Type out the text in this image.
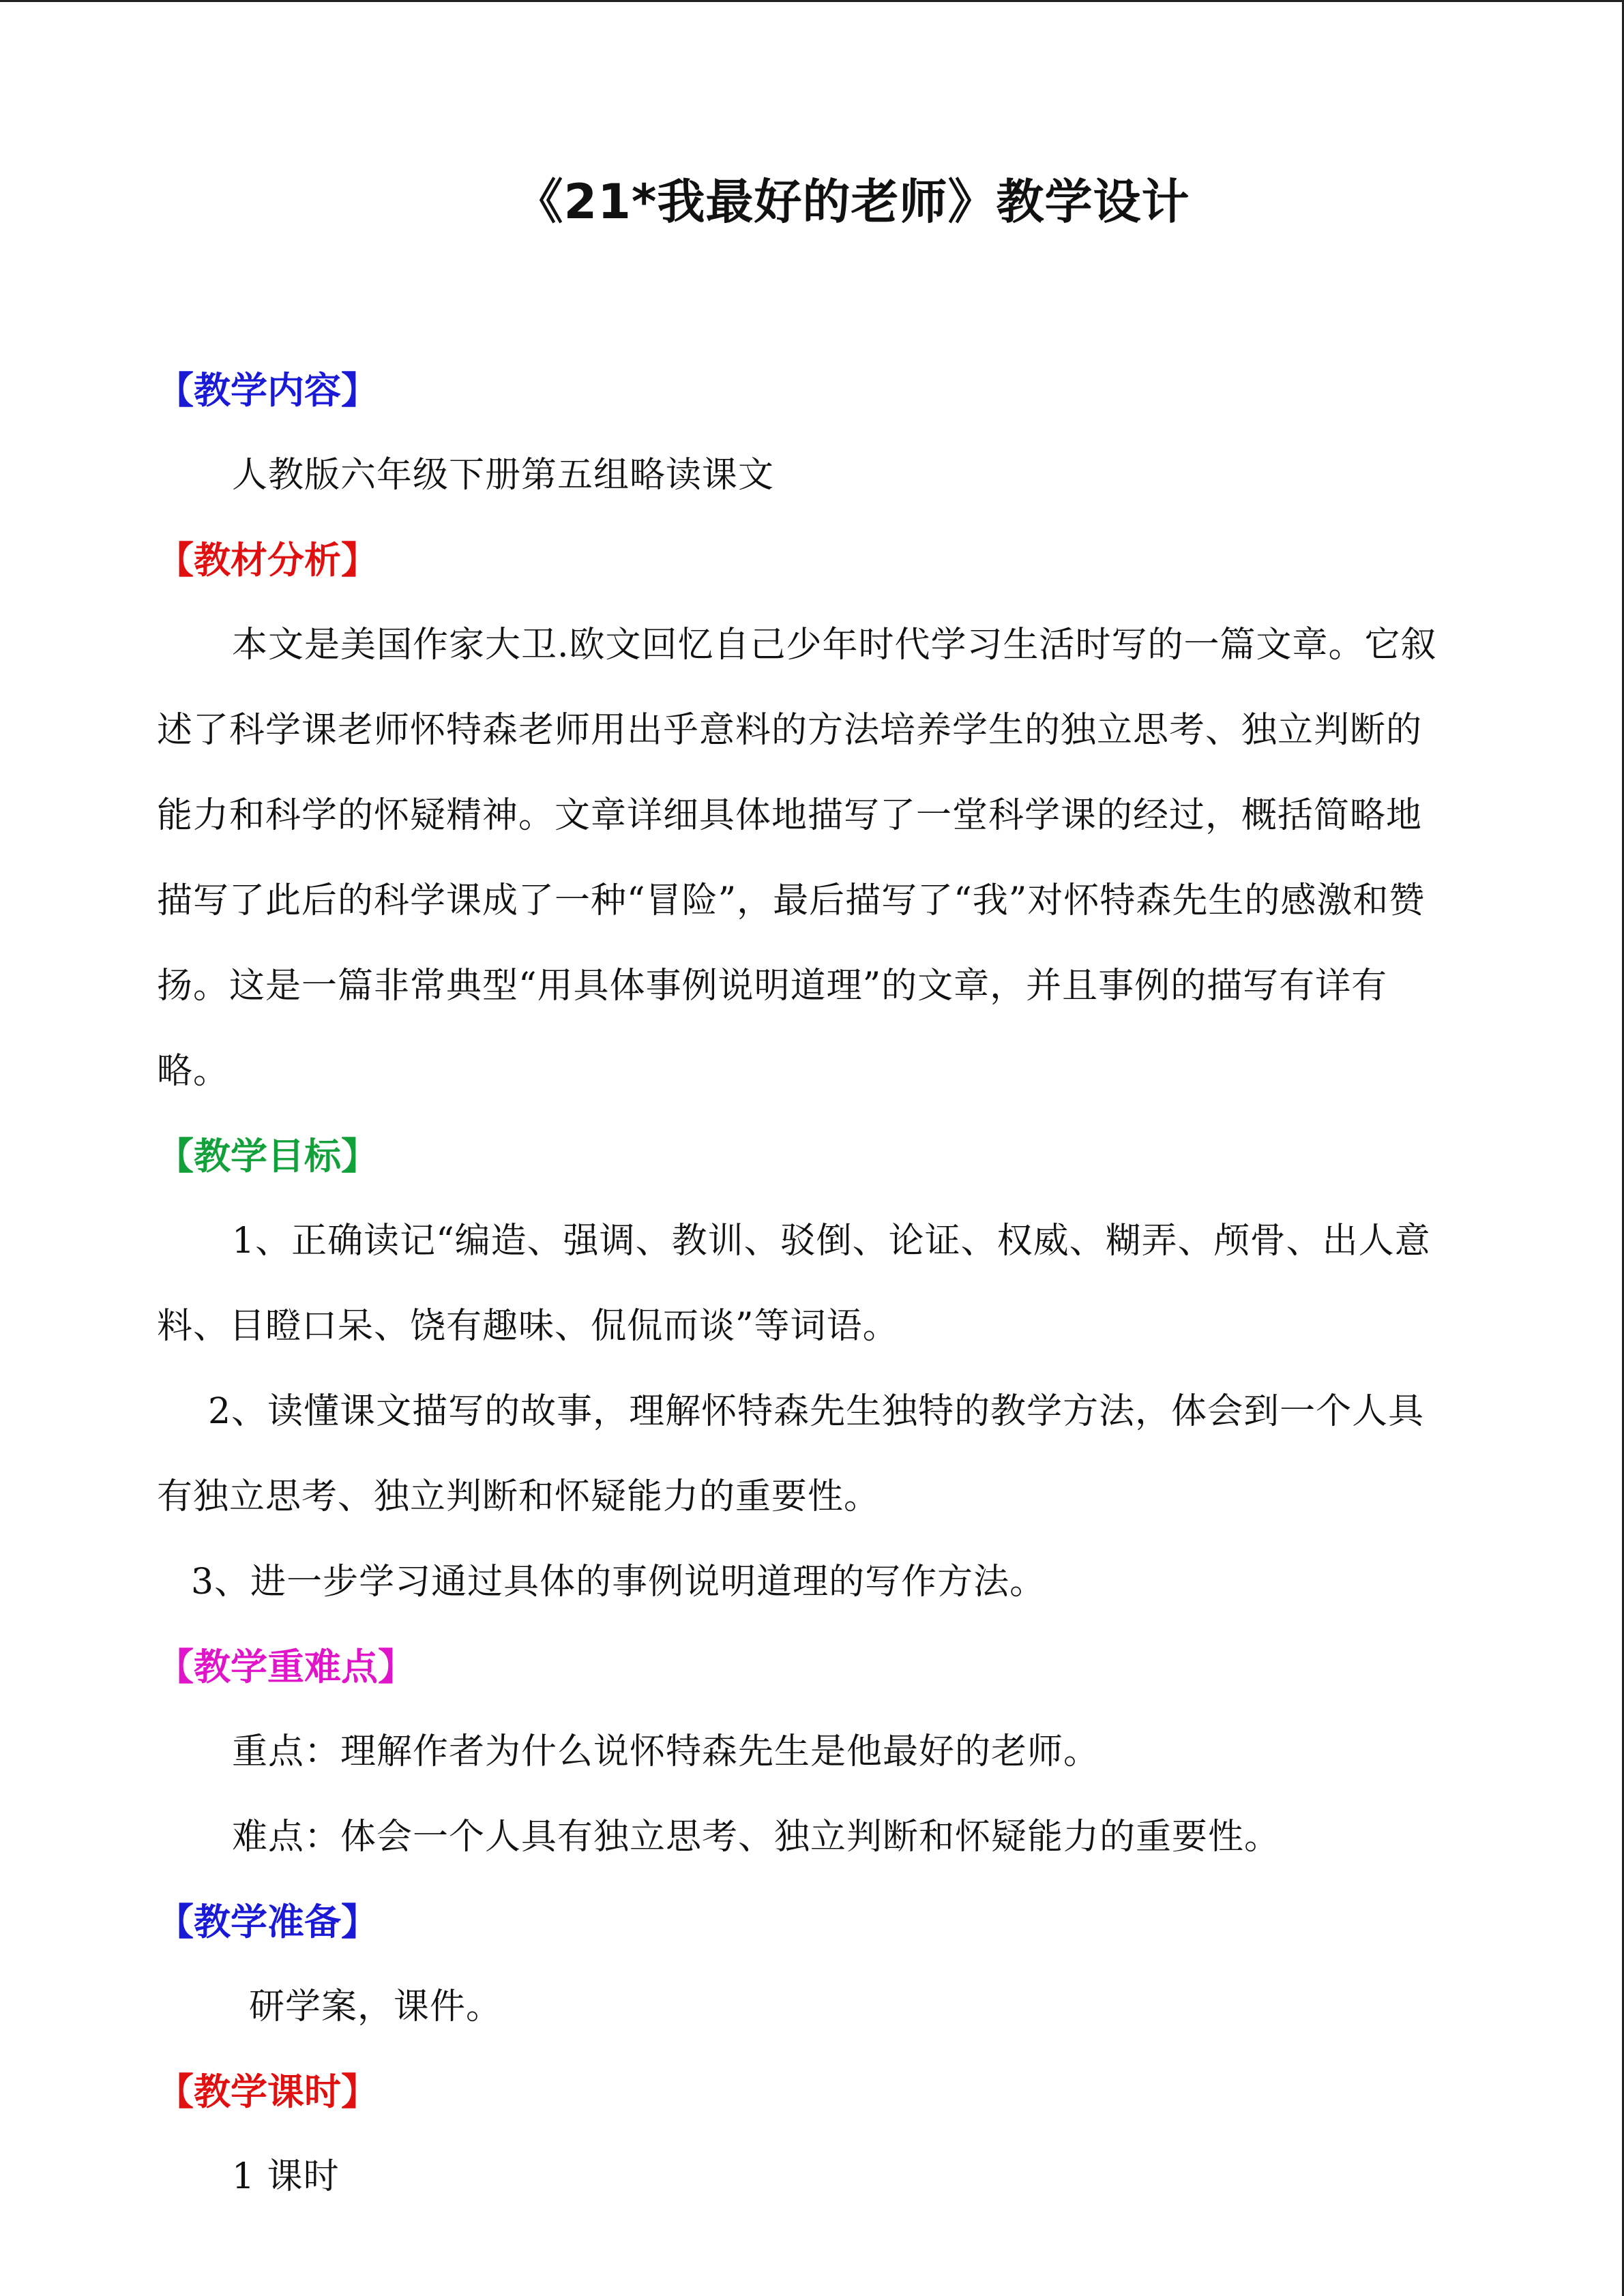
《21*我最好的老师》教学设计

【教学内容】

人教版六年级下册第五组略读课文

【教材分析】

本文是美国作家大卫.欧文回忆自己少年时代学习生活时写的一篇文章。它叙述了科学课老师怀特森老师用出乎意料的方法培养学生的独立思考、独立判断的能力和科学的怀疑精神。文章详细具体地描写了一堂科学课的经过，概括简略地描写了此后的科学课成了一种“冒险”，最后描写了“我”对怀特森先生的感激和赞扬。这是一篇非常典型“用具体事例说明道理”的文章，并且事例的描写有详有略。

【教学目标】

1、正确读记“编造、强调、教训、驳倒、论证、权威、糊弄、颅骨、出人意料、目瞪口呆、饶有趣味、侃侃而谈”等词语。

2、读懂课文描写的故事，理解怀特森先生独特的教学方法，体会到一个人具有独立思考、独立判断和怀疑能力的重要性。

3、进一步学习通过具体的事例说明道理的写作方法。

【教学重难点】

重点：理解作者为什么说怀特森先生是他最好的老师。

难点：体会一个人具有独立思考、独立判断和怀疑能力的重要性。

【教学准备】

研学案，课件。

【教学课时】

1 课时
